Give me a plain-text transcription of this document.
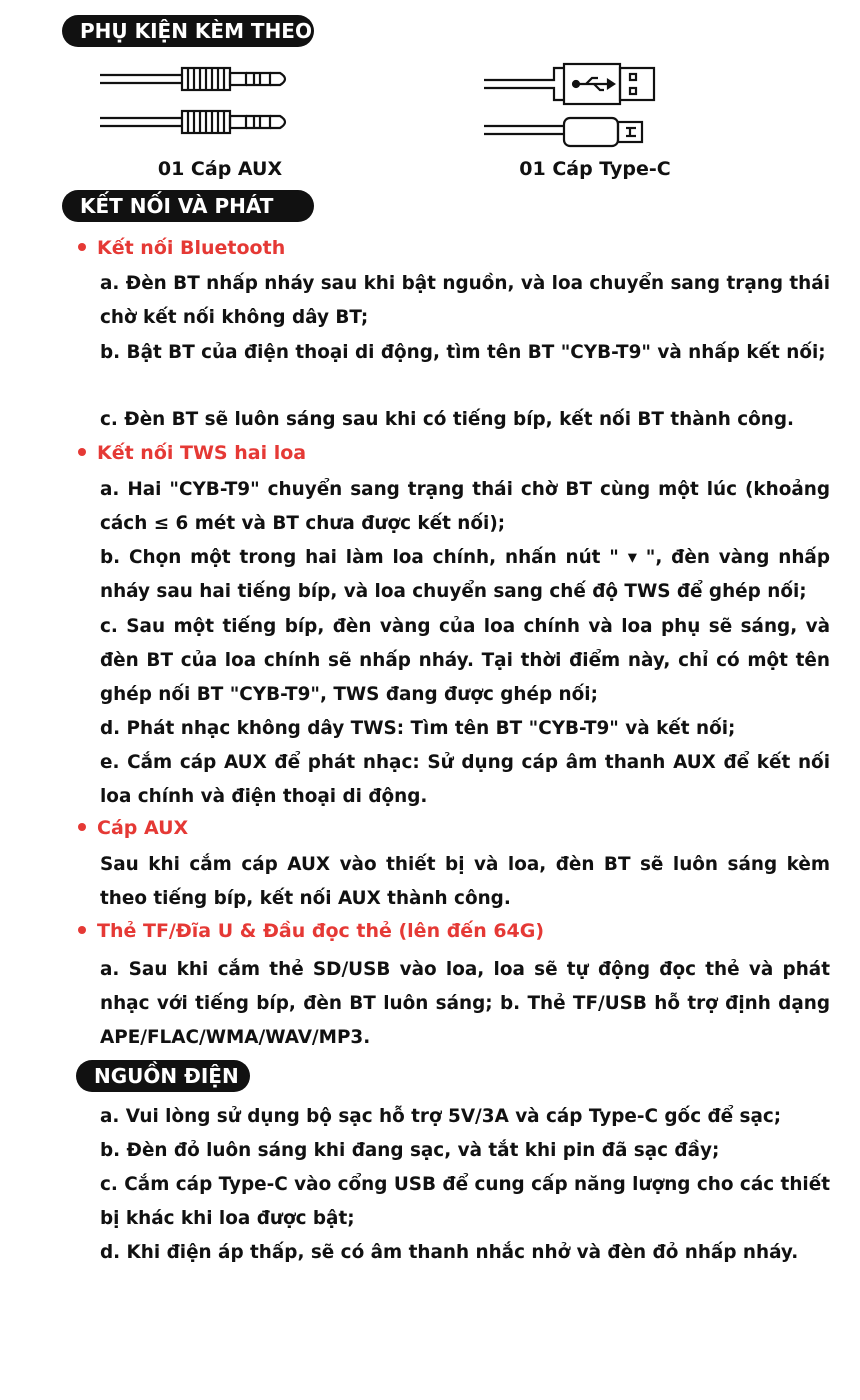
PHỤ KIỆN KÈM THEO
01 Cáp AUX	01 Cáp Type-C
KẾT NỐI VÀ PHÁT
Kết nối Bluetooth
a. Đèn BT nhấp nháy sau khi bật nguồn, và loa chuyển sang trạng thái chờ kết nối không dây BT;
b. Bật BT của điện thoại di động, tìm tên BT "CYB-T9" và nhấp kết nối;
c. Đèn BT sẽ luôn sáng sau khi có tiếng bíp, kết nối BT thành công.
Kết nối TWS hai loa
a. Hai "CYB-T9" chuyển sang trạng thái chờ BT cùng một lúc (khoảng cách ≤ 6 mét và BT chưa được kết nối);
b. Chọn một trong hai làm loa chính, nhấn nút " ▾ ", đèn vàng nhấp nháy sau hai tiếng bíp, và loa chuyển sang chế độ TWS để ghép nối;
c. Sau một tiếng bíp, đèn vàng của loa chính và loa phụ sẽ sáng, và đèn BT của loa chính sẽ nhấp nháy. Tại thời điểm này, chỉ có một tên ghép nối BT "CYB-T9", TWS đang được ghép nối;
d. Phát nhạc không dây TWS: Tìm tên BT "CYB-T9" và kết nối;
e. Cắm cáp AUX để phát nhạc: Sử dụng cáp âm thanh AUX để kết nối loa chính và điện thoại di động.
Cáp AUX
Sau khi cắm cáp AUX vào thiết bị và loa, đèn BT sẽ luôn sáng kèm theo tiếng bíp, kết nối AUX thành công.
Thẻ TF/Đĩa U & Đầu đọc thẻ (lên đến 64G)
a. Sau khi cắm thẻ SD/USB vào loa, loa sẽ tự động đọc thẻ và phát nhạc với tiếng bíp, đèn BT luôn sáng; b. Thẻ TF/USB hỗ trợ định dạng APE/FLAC/WMA/WAV/MP3.
NGUỒN ĐIỆN
a. Vui lòng sử dụng bộ sạc hỗ trợ 5V/3A và cáp Type-C gốc để sạc;
b. Đèn đỏ luôn sáng khi đang sạc, và tắt khi pin đã sạc đầy;
c. Cắm cáp Type-C vào cổng USB để cung cấp năng lượng cho các thiết bị khác khi loa được bật;
d. Khi điện áp thấp, sẽ có âm thanh nhắc nhở và đèn đỏ nhấp nháy.
